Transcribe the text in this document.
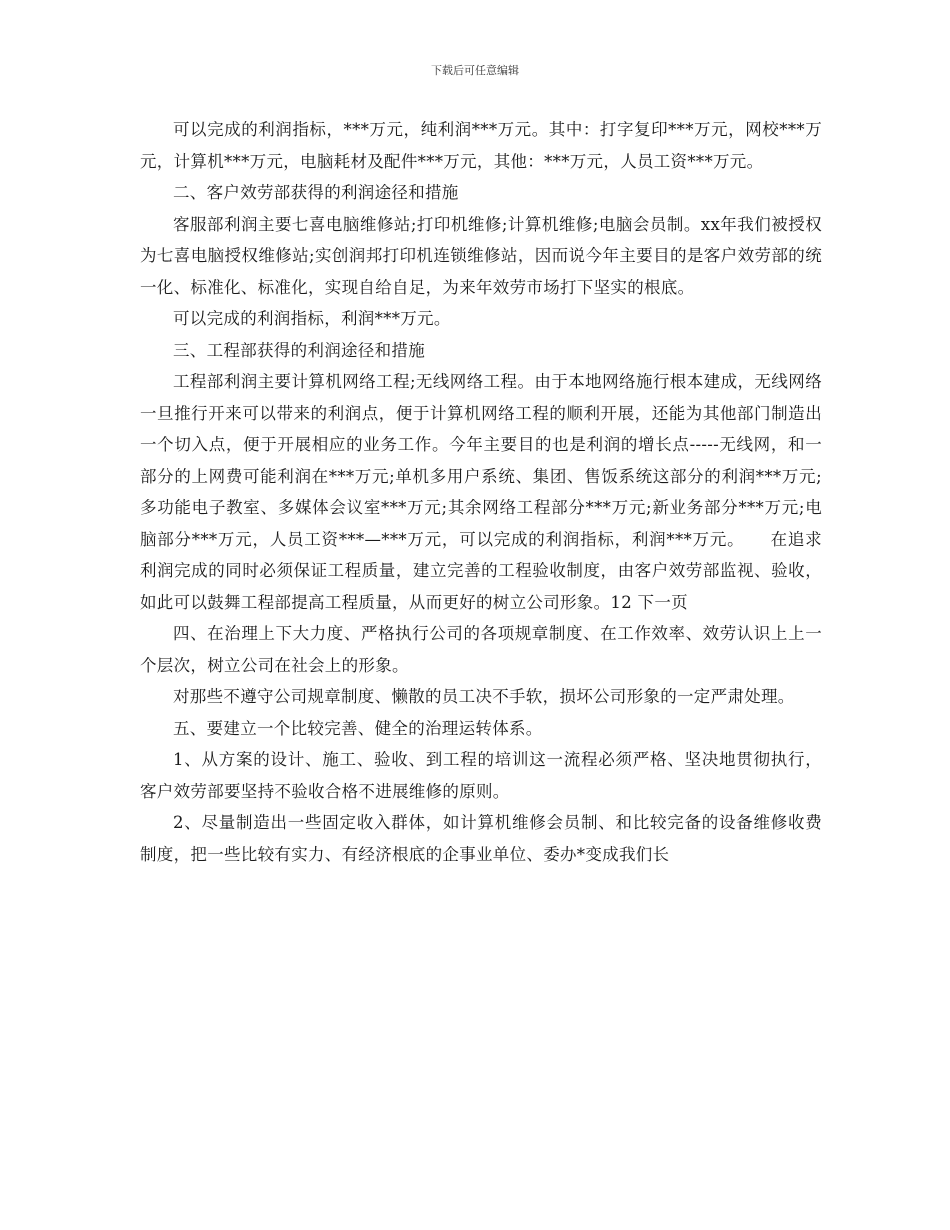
下载后可任意编辑

可以完成的利润指标，***万元，纯利润***万元。其中：打字复印***万元，网校***万元，计算机***万元，电脑耗材及配件***万元，其他：***万元，人员工资***万元。

二、客户效劳部获得的利润途径和措施

客服部利润主要七喜电脑维修站;打印机维修;计算机维修;电脑会员制。xx年我们被授权为七喜电脑授权维修站;实创润邦打印机连锁维修站，因而说今年主要目的是客户效劳部的统一化、标准化、标准化，实现自给自足，为来年效劳市场打下坚实的根底。

可以完成的利润指标，利润***万元。

三、工程部获得的利润途径和措施

工程部利润主要计算机网络工程;无线网络工程。由于本地网络施行根本建成，无线网络一旦推行开来可以带来的利润点，便于计算机网络工程的顺利开展，还能为其他部门制造出一个切入点，便于开展相应的业务工作。今年主要目的也是利润的增长点-----无线网，和一部分的上网费可能利润在***万元;单机多用户系统、集团、售饭系统这部分的利润***万元;多功能电子教室、多媒体会议室***万元;其余网络工程部分***万元;新业务部分***万元;电脑部分***万元，人员工资***—***万元，可以完成的利润指标，利润***万元。　　在追求利润完成的同时必须保证工程质量，建立完善的工程验收制度，由客户效劳部监视、验收，如此可以鼓舞工程部提高工程质量，从而更好的树立公司形象。12 下一页

四、在治理上下大力度、严格执行公司的各项规章制度、在工作效率、效劳认识上上一个层次，树立公司在社会上的形象。

对那些不遵守公司规章制度、懒散的员工决不手软，损坏公司形象的一定严肃处理。

五、要建立一个比较完善、健全的治理运转体系。

1、从方案的设计、施工、验收、到工程的培训这一流程必须严格、坚决地贯彻执行，客户效劳部要坚持不验收合格不进展维修的原则。

2、尽量制造出一些固定收入群体，如计算机维修会员制、和比较完备的设备维修收费制度，把一些比较有实力、有经济根底的企事业单位、委办*变成我们长
